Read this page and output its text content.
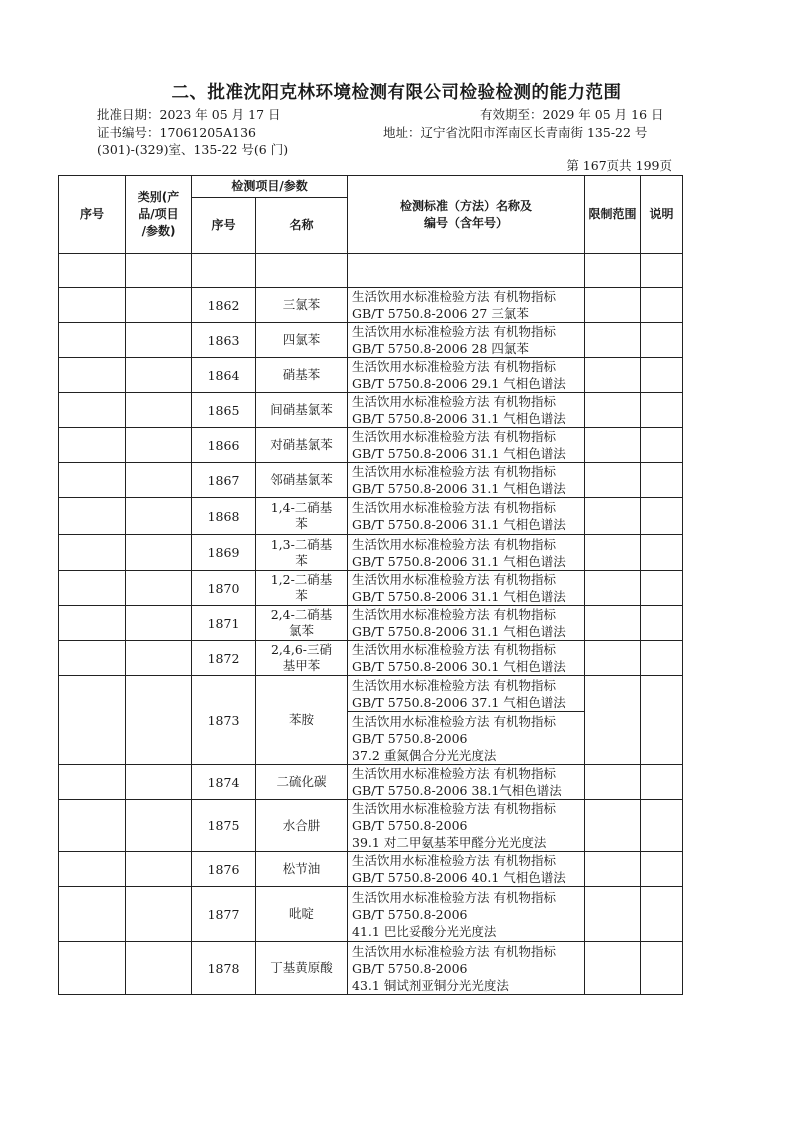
二、批准沈阳克林环境检测有限公司检验检测的能力范围
批准日期：2023 年 05 月 17 日	有效期至：2029 年 05 月 16 日
证书编号：17061205A136	地址：辽宁省沈阳市浑南区长青南街 135-22 号
(301)-(329)室、135-22 号(6 门)
第 167页共 199页
序号	类别(产
品/项目
/参数)	检测项目/参数		检测标准（方法）名称及
编号（含年号）	限制范围	说明
		序号	名称			

		1862	三氯苯	生活饮用水标准检验方法 有机物指标
GB/T 5750.8-2006 27 三氯苯		

		1863	四氯苯	生活饮用水标准检验方法 有机物指标
GB/T 5750.8-2006 28 四氯苯		

		1864	硝基苯	生活饮用水标准检验方法 有机物指标
GB/T 5750.8-2006 29.1 气相色谱法		

		1865	间硝基氯苯	生活饮用水标准检验方法 有机物指标
GB/T 5750.8-2006 31.1 气相色谱法		

		1866	对硝基氯苯	生活饮用水标准检验方法 有机物指标
GB/T 5750.8-2006 31.1 气相色谱法		

		1867	邻硝基氯苯	生活饮用水标准检验方法 有机物指标
GB/T 5750.8-2006 31.1 气相色谱法		

		1868	1,4-二硝基
苯	生活饮用水标准检验方法 有机物指标
GB/T 5750.8-2006 31.1 气相色谱法		

		1869	1,3-二硝基
苯	生活饮用水标准检验方法 有机物指标
GB/T 5750.8-2006 31.1 气相色谱法		

		1870	1,2-二硝基
苯	生活饮用水标准检验方法 有机物指标
GB/T 5750.8-2006 31.1 气相色谱法		

		1871	2,4-二硝基
氯苯	生活饮用水标准检验方法 有机物指标
GB/T 5750.8-2006 31.1 气相色谱法		

		1872	2,4,6-三硝
基甲苯	生活饮用水标准检验方法 有机物指标
GB/T 5750.8-2006 30.1 气相色谱法		

		1873	苯胺	生活饮用水标准检验方法 有机物指标
GB/T 5750.8-2006 37.1 气相色谱法		

				生活饮用水标准检验方法 有机物指标
GB/T 5750.8-2006
37.2 重氮偶合分光光度法		

		1874	二硫化碳	生活饮用水标准检验方法 有机物指标
GB/T 5750.8-2006 38.1气相色谱法		

		1875	水合肼	生活饮用水标准检验方法 有机物指标
GB/T 5750.8-2006
39.1 对二甲氨基苯甲醛分光光度法		

		1876	松节油	生活饮用水标准检验方法 有机物指标
GB/T 5750.8-2006 40.1 气相色谱法		

		1877	吡啶	生活饮用水标准检验方法 有机物指标
GB/T 5750.8-2006
41.1 巴比妥酸分光光度法		

		1878	丁基黄原酸	生活饮用水标准检验方法 有机物指标
GB/T 5750.8-2006
43.1 铜试剂亚铜分光光度法		
